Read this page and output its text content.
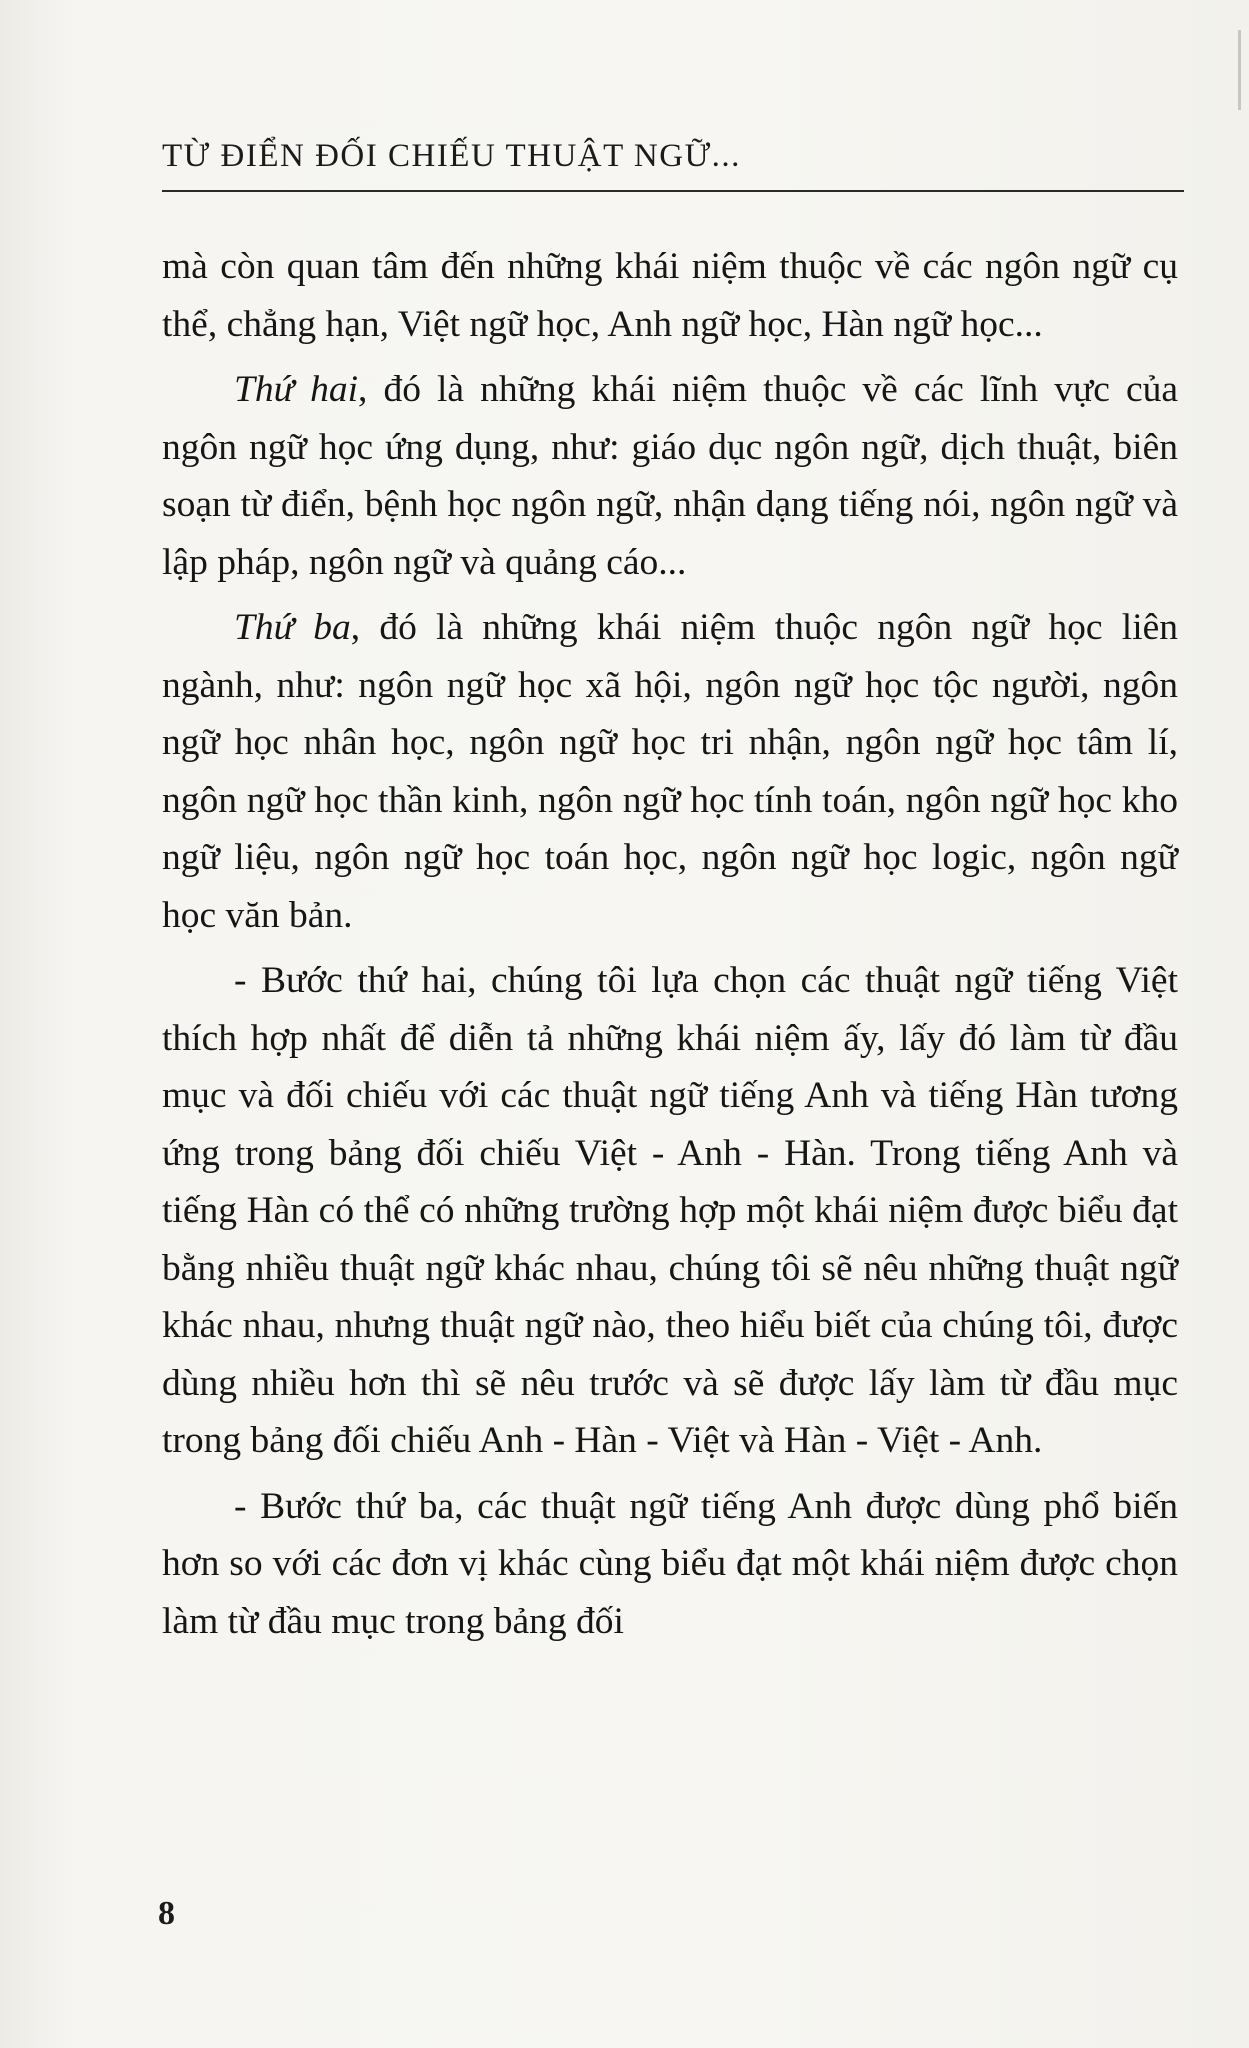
TỪ ĐIỂN ĐỐI CHIẾU THUẬT NGỮ...

mà còn quan tâm đến những khái niệm thuộc về các ngôn ngữ cụ thể, chẳng hạn, Việt ngữ học, Anh ngữ học, Hàn ngữ học...

Thứ hai, đó là những khái niệm thuộc về các lĩnh vực của ngôn ngữ học ứng dụng, như: giáo dục ngôn ngữ, dịch thuật, biên soạn từ điển, bệnh học ngôn ngữ, nhận dạng tiếng nói, ngôn ngữ và lập pháp, ngôn ngữ và quảng cáo...

Thứ ba, đó là những khái niệm thuộc ngôn ngữ học liên ngành, như: ngôn ngữ học xã hội, ngôn ngữ học tộc người, ngôn ngữ học nhân học, ngôn ngữ học tri nhận, ngôn ngữ học tâm lí, ngôn ngữ học thần kinh, ngôn ngữ học tính toán, ngôn ngữ học kho ngữ liệu, ngôn ngữ học toán học, ngôn ngữ học logic, ngôn ngữ học văn bản.

- Bước thứ hai, chúng tôi lựa chọn các thuật ngữ tiếng Việt thích hợp nhất để diễn tả những khái niệm ấy, lấy đó làm từ đầu mục và đối chiếu với các thuật ngữ tiếng Anh và tiếng Hàn tương ứng trong bảng đối chiếu Việt - Anh - Hàn. Trong tiếng Anh và tiếng Hàn có thể có những trường hợp một khái niệm được biểu đạt bằng nhiều thuật ngữ khác nhau, chúng tôi sẽ nêu những thuật ngữ khác nhau, nhưng thuật ngữ nào, theo hiểu biết của chúng tôi, được dùng nhiều hơn thì sẽ nêu trước và sẽ được lấy làm từ đầu mục trong bảng đối chiếu Anh - Hàn - Việt và Hàn - Việt - Anh.

- Bước thứ ba, các thuật ngữ tiếng Anh được dùng phổ biến hơn so với các đơn vị khác cùng biểu đạt một khái niệm được chọn làm từ đầu mục trong bảng đối

8
